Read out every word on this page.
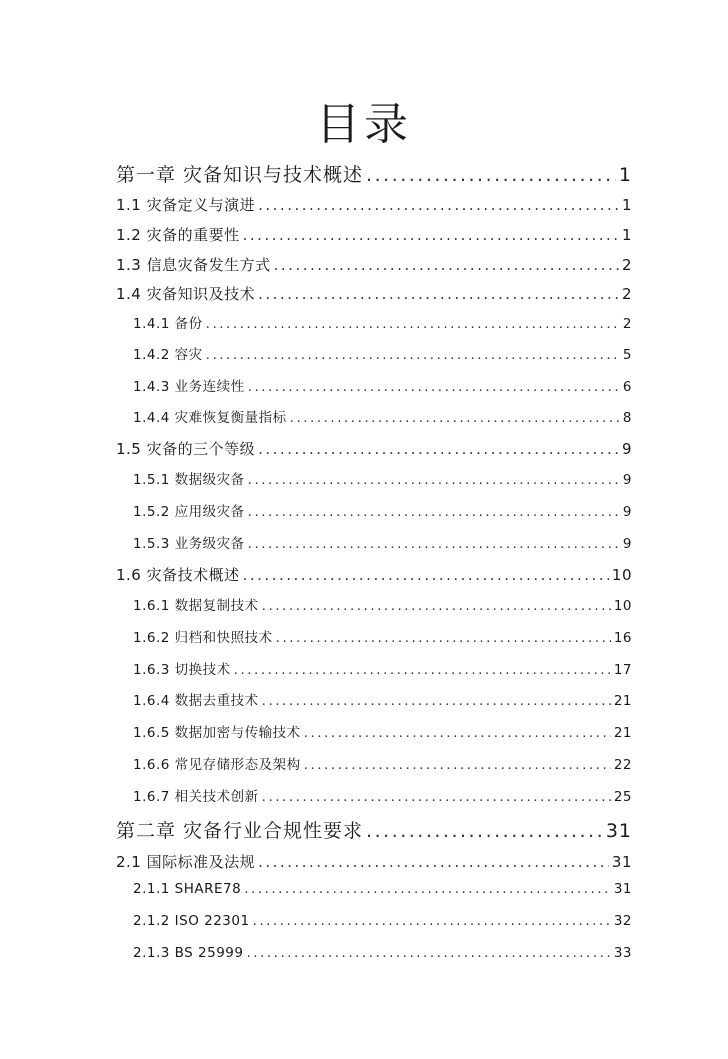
目录
第一章 灾备知识与技术概述 .....	1
1.1 灾备定义与演进 .....	1
1.2 灾备的重要性 .....	1
1.3 信息灾备发生方式 .....	2
1.4 灾备知识及技术 .....	2
1.4.1 备份 .....	2
1.4.2 容灾 .....	5
1.4.3 业务连续性 .....	6
1.4.4 灾难恢复衡量指标 .....	8
1.5 灾备的三个等级 .....	9
1.5.1 数据级灾备 .....	9
1.5.2 应用级灾备 .....	9
1.5.3 业务级灾备 .....	9
1.6 灾备技术概述 .....	10
1.6.1 数据复制技术 .....	10
1.6.2 归档和快照技术 .....	16
1.6.3 切换技术 .....	17
1.6.4 数据去重技术 .....	21
1.6.5 数据加密与传输技术 .....	21
1.6.6 常见存储形态及架构 .....	22
1.6.7 相关技术创新 .....	25
第二章 灾备行业合规性要求 .....	31
2.1 国际标准及法规 .....	31
2.1.1 SHARE78 .....	31
2.1.2 ISO 22301 .....	32
2.1.3 BS 25999 .....	33
